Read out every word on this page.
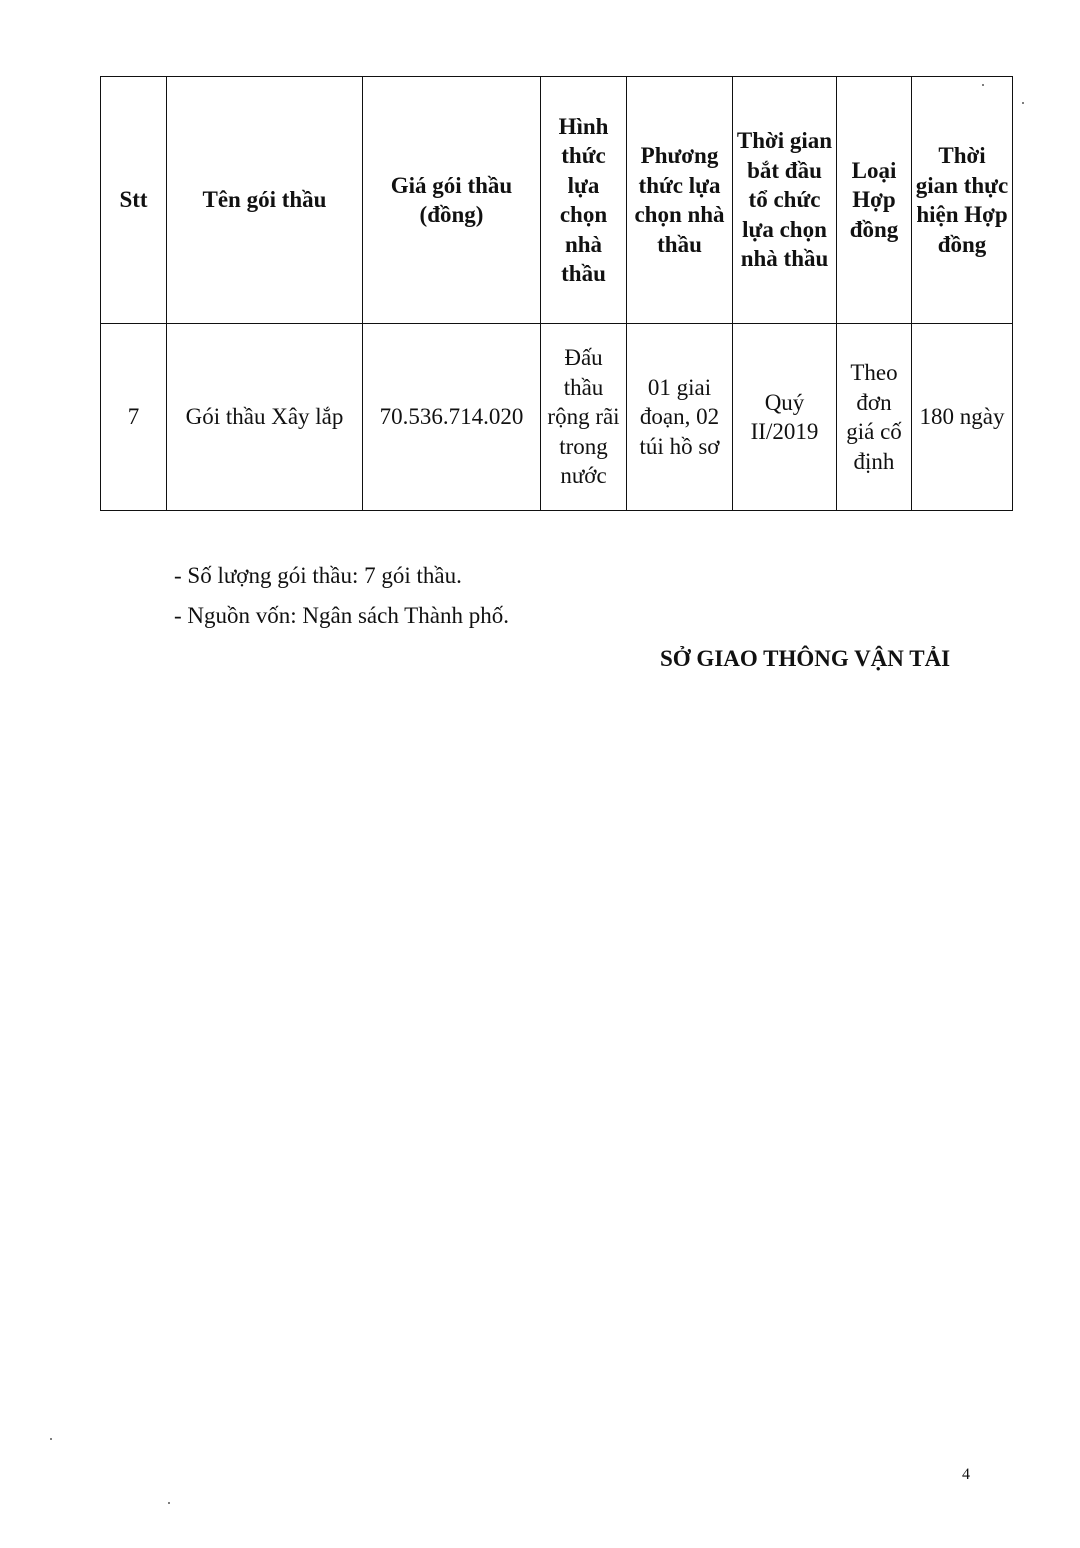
Stt	Tên gói thầu	Giá gói thầu (đồng)	Hình thức lựa chọn nhà thầu	Phương thức lựa chọn nhà thầu	Thời gian bắt đầu tổ chức lựa chọn nhà thầu	Loại Hợp đồng	Thời gian thực hiện Hợp đồng
7	Gói thầu Xây lắp	70.536.714.020	Đấu thầu rộng rãi trong nước	01 giai đoạn, 02 túi hồ sơ	Quý II/2019	Theo đơn giá cố định	180 ngày
- Số lượng gói thầu: 7 gói thầu.
- Nguồn vốn: Ngân sách Thành phố.
SỞ GIAO THÔNG VẬN TẢI
4
